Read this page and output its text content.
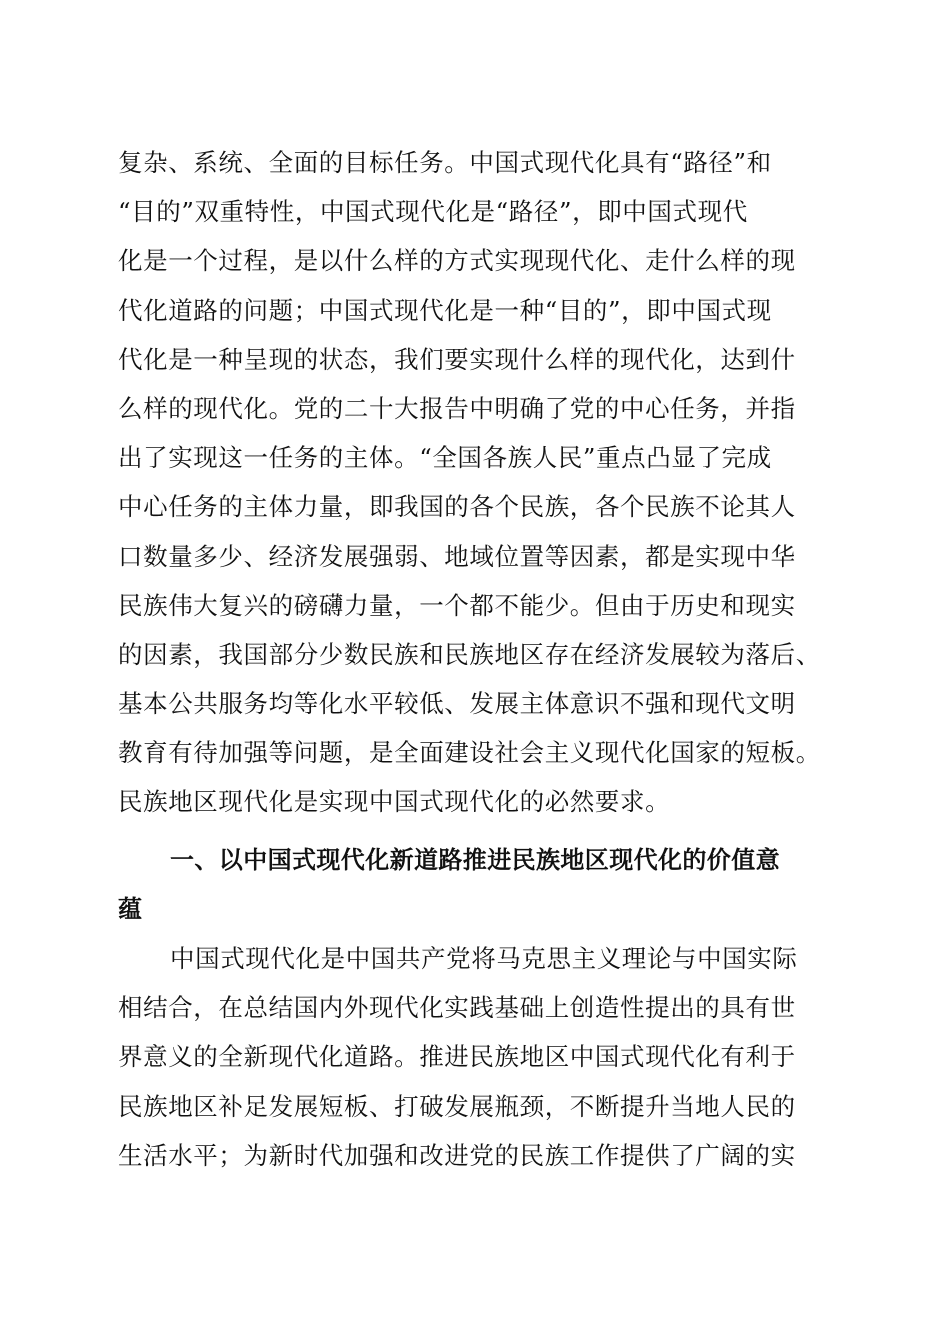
复杂、系统、全面的目标任务。中国式现代化具有“路径”和
“目的”双重特性，中国式现代化是“路径”，即中国式现代
化是一个过程，是以什么样的方式实现现代化、走什么样的现
代化道路的问题；中国式现代化是一种“目的”，即中国式现
代化是一种呈现的状态，我们要实现什么样的现代化，达到什
么样的现代化。党的二十大报告中明确了党的中心任务，并指
出了实现这一任务的主体。“全国各族人民”重点凸显了完成
中心任务的主体力量，即我国的各个民族，各个民族不论其人
口数量多少、经济发展强弱、地域位置等因素，都是实现中华
民族伟大复兴的磅礴力量，一个都不能少。但由于历史和现实
的因素，我国部分少数民族和民族地区存在经济发展较为落后、
基本公共服务均等化水平较低、发展主体意识不强和现代文明
教育有待加强等问题，是全面建设社会主义现代化国家的短板。
民族地区现代化是实现中国式现代化的必然要求。
一、以中国式现代化新道路推进民族地区现代化的价值意
蕴
中国式现代化是中国共产党将马克思主义理论与中国实际
相结合，在总结国内外现代化实践基础上创造性提出的具有世
界意义的全新现代化道路。推进民族地区中国式现代化有利于
民族地区补足发展短板、打破发展瓶颈，不断提升当地人民的
生活水平；为新时代加强和改进党的民族工作提供了广阔的实
